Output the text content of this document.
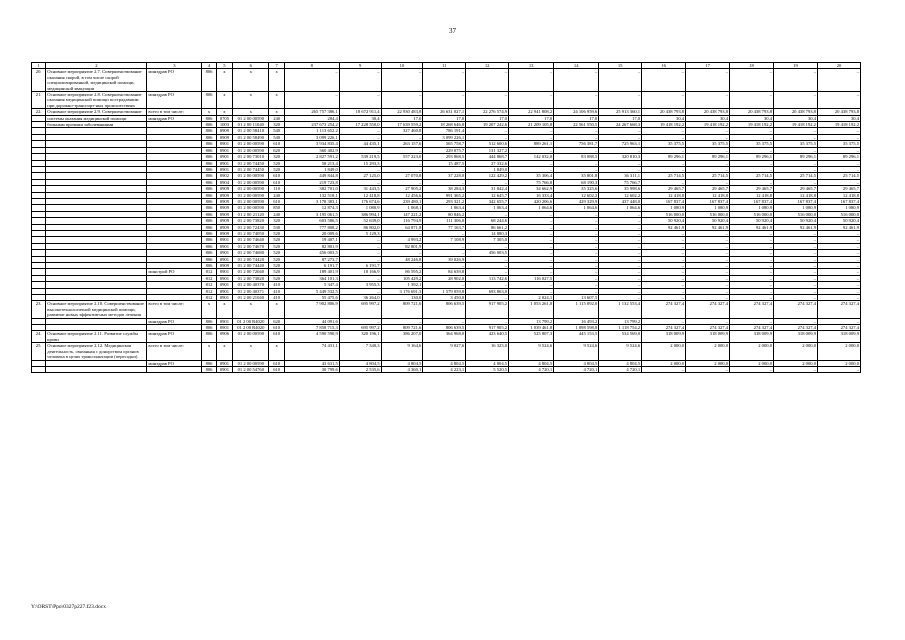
37
1	2	3	4	5	6	7	8	9	10	11	12	13	14	15	16	17	18	19	20
20.	Основное мероприятие 2.7. Совершенствование оказания скорой, в том числе скорой специализированной, медицинской помощи, медицинской эвакуации	минздрав РО	806	х	х	х	–	–	–	–	–	–	–	–	–	–	–	–	–
21.	Основное мероприятие 2.8. Совершенствование оказания медицинской помощи пострадавшим при дорожно-транспорт-ных происшествиях	минздрав РО	806	х	х	х	–	–	–	–	–	–	–	–	–	–	–	–	–
22.	Основное мероприятие 2.9. Совершенствование	всего в том числе:	х	х	х	х	265 757 386,1	18 672 911,4	22 930 483,8	26 631 027,1	22 276 574,9	22 941 808,2	24 106 959,6	25 913 360,1	20 438 793,8	20 438 793,8	20 438 793,8	20 438 793,8	20 438 793,8
	системы оказания медицинской помощи	минздрав РО	806	0705	01 2 00 00590	240	284,4	30,4	17,0	17,0	17,0	17,0	17,0	17,0	30,4	30,4	30,4	30,4	30,4
	больным прочими заболеваниями		806	1003	01 2 00 11040	320	237 673 254,2	17 228 550,0	17 639 559,2	18 268 646,8	19 207 242,6	21 209 105,8	22 561 550,5	24 267 668,3	19 418 192,2	19 418 192,2	19 418 192,2	19 418 192,2	19 418 192,2
			806	0909	01 2 00 58410	540	1 113 652,2	–	327 460,8	786 191,4	–	–	–	–	–	–	–	–	–
			806	0909	01 2 00 58490	540	3 099 226,1	–	–	3 099 226,1	–	–	–	–	–	–	–	–	–
			806	0901	01 2 00 00590	610	3 934 835,4	44 435,1	263 157,6	565 758,7	512 600,6	889 261,1	756 381,7	725 963,1	35 375,5	35 375,5	35 375,5	35 375,5	35 375,5
			806	0901	01 2 00 00590	620	360 402,9	–	–	229 075,7	131 327,2	–	–	–	–	–	–	–	–
			806	0901	01 2 00 73010	320	2 827 591,2	539 219,5	557 223,0	293 868,5	444 868,7	142 032,0	83 088,5	320 810,3	89 296,1	89 296,1	89 296,1	89 296,1	89 296,1
			806	0901	01 2 00 74450	520	58 213,4	15 293,3	–	15 487,5	27 332,6	–	–	–	–	–	–	–	–
			806	0901	01 2 00 74450	520	1 849,0	–	–	–	1 849,0	–	–	–	–	–	–	–	–
			806	0902	01 2 00 00590	610	449 844,8	27 125,0	27 070,8	37 228,0	122 429,2	35 306,4	35 801,8	36 311,1	25 714,5	25 714,5	25 714,5	25 714,5	25 714,5
			806	0904	01 2 00 00590	610	219 723,8	–	–	–	–	75 766,8	68 190,3	75 766,7	–	–	–	–	–
			806	0909	01 2 00 00590	110	382 701,0	31 443,5	27 905,2	38 284,3	31 842,4	34 662,9	35 325,6	35 998,6	29 465,7	29 465,7	29 465,7	29 465,7	29 465,7
			806	0909	01 2 00 00590	240	132 518,1	12 418,8	12 456,6	991 365,2	12 645,7	16 333,4	12 602,2	12 602,2	12 418,8	12 418,8	12 418,8	12 418,8	12 418,8
			806	0909	01 2 00 00590	610	3 178 383,1	176 674,6	239 480,1	293 321,2	342 655,7	420 206,6	429 329,9	437 448,0	167 837,4	167 837,4	167 837,4	167 837,4	167 837,4
			806	0909	01 2 00 00590	850	12 874,3	1 080,9	1 068,1	1 063,4	1 063,4	1 064,6	1 064,6	1 064,6	1 080,9	1 080,9	1 080,9	1 080,9	1 080,9
			806	0909	01 2 00 21120	240	3 195 061,5	386 994,1	147 221,2	80 846,2	–	–	–	–	516 000,0	516 000,0	516 000,0	516 000,0	516 000,0
			806	0909	01 2 00 73820	320	603 586,5	52 639,0	116 794,9	111 306,0	68 244,6	–	–	–	50 920,4	50 920,4	50 920,4	50 920,4	50 920,4
			806	0909	01 2 00 72430	530	777 808,2	86 802,0	64 871,8	77 163,7	86 661,2	–	–	–	92 461,9	92 461,9	92 461,9	92 461,9	92 461,9
			806	0909	01 2 00 74050	520	20 009,6	5 129,3	–	–	14 880,3	–	–	–	–	–	–	–	–
			806	0901	01 2 00 74640	520	19 407,1	–	4 993,2	7 108,9	7 305,0	–	–	–	–	–	–	–	–
			806	0901	01 2 00 74670	520	82 801,9	–	82 801,9	–	–	–	–	–	–	–	–	–	–
			806	0901	01 2 00 74680	520	456 003,5	–	–	–	456 003,5	–	–	–	–	–	–	–	–
			806	0901	01 2 00 74420	520	87 273,7	–	48 246,8	39 026,9	–	–	–	–	–	–	–	–	–
			806	0909	01 2 00 74440	520	6 191,7	6 191,7	–	–	–	–	–	–	–	–	–	–	–
		минстрой РО	812	0901	01 2 00 72040	520	189 401,9	18 166,9	86 595,2	84 639,8	–	–	–	–	–	–	–	–	–
			812	0901	01 2 00 73820	520	364 101,3	–	105 429,2	28 902,0	113 742,6	116 027,5	–	–	–	–	–	–	–
			812	0901	01 2 00 40370	410	5 347,4	3 955,3	1 392,1	–	–	–	–	–	–	–	–	–	–
			812	0901	01 2 00 40371	410	5 449 532,5	–	3 176 691,3	1 579 059,8	693 863,0	–	–	–	–	–	–	–	–
			812	0901	01 2 00 21040	410	55 475,6	36 264,0	130,0	3 450,0	–	2 024,1	13 607,5	–	–	–	–	–	–
23.	Основное мероприятие 2.10. Совершенствование высокотехнологичной медицинской помощи, развитие новых эффектив-ных методов лечения	всего в том числе:	х	х	х	х	7 902 806,9	695 997,2	809 721,6	806 639,5	917 905,2	1 053 261,0	1 115 092,0	1 132 553,4	274 327,4	274 327,4	274 327,4	274 327,4	274 327,4
		минздрав РО	806	0901	01 2 00 R4020	620	44 091,6	–	–	–	–	13 799,2	16 493,2	13 799,2	–	–	–	–	–
			806	0901	01 2 00 R4020	610	7 858 715,3	695 997,2	809 721,6	806 639,5	917 905,2	1 039 461,8	1 098 598,8	1 118 754,2	274 327,4	274 327,4	274 327,4	274 327,4	274 327,4
24.	Основное мероприятие 2.11. Развитие службы крови	минздрав РО	806	0906	01 2 00 00590	610	4 590 590,9	320 196,1	386 207,0	364 968,0	423 640,5	525 807,3	445 153,5	534 569,0	318 009,9	318 009,9	318 009,9	318 009,9	318 009,9
25.	Основное мероприятие 2.12. Медицинская деятельность, связанная с донорством органов человека в целях трансплантации (пересадки)	всего в том числе:	х	х	х	х	74 431,1	7 340,3	9 164,6	9 027,6	16 325,0	9 524,6	9 524,6	9 524,6	2 000,0	2 000,0	2 000,0	2 000,0	2 000,0
		минздрав РО	806	0901	01 2 00 00590	610	43 631,5	4 804,5	4 804,5	4 804,5	4 804,5	4 804,5	4 804,5	4 804,5	2 000,0	2 000,0	2 000,0	2 000,0	2 000,0
			806	0901	01 2 00 54760	610	30 799,6	2 535,6	4 360,1	4 223,1	5 520,5	4 720,1	4 720,1	4 720,1	–	–	–	–	–
Y:\ORST\Ppo\0327p227.f23.docx
